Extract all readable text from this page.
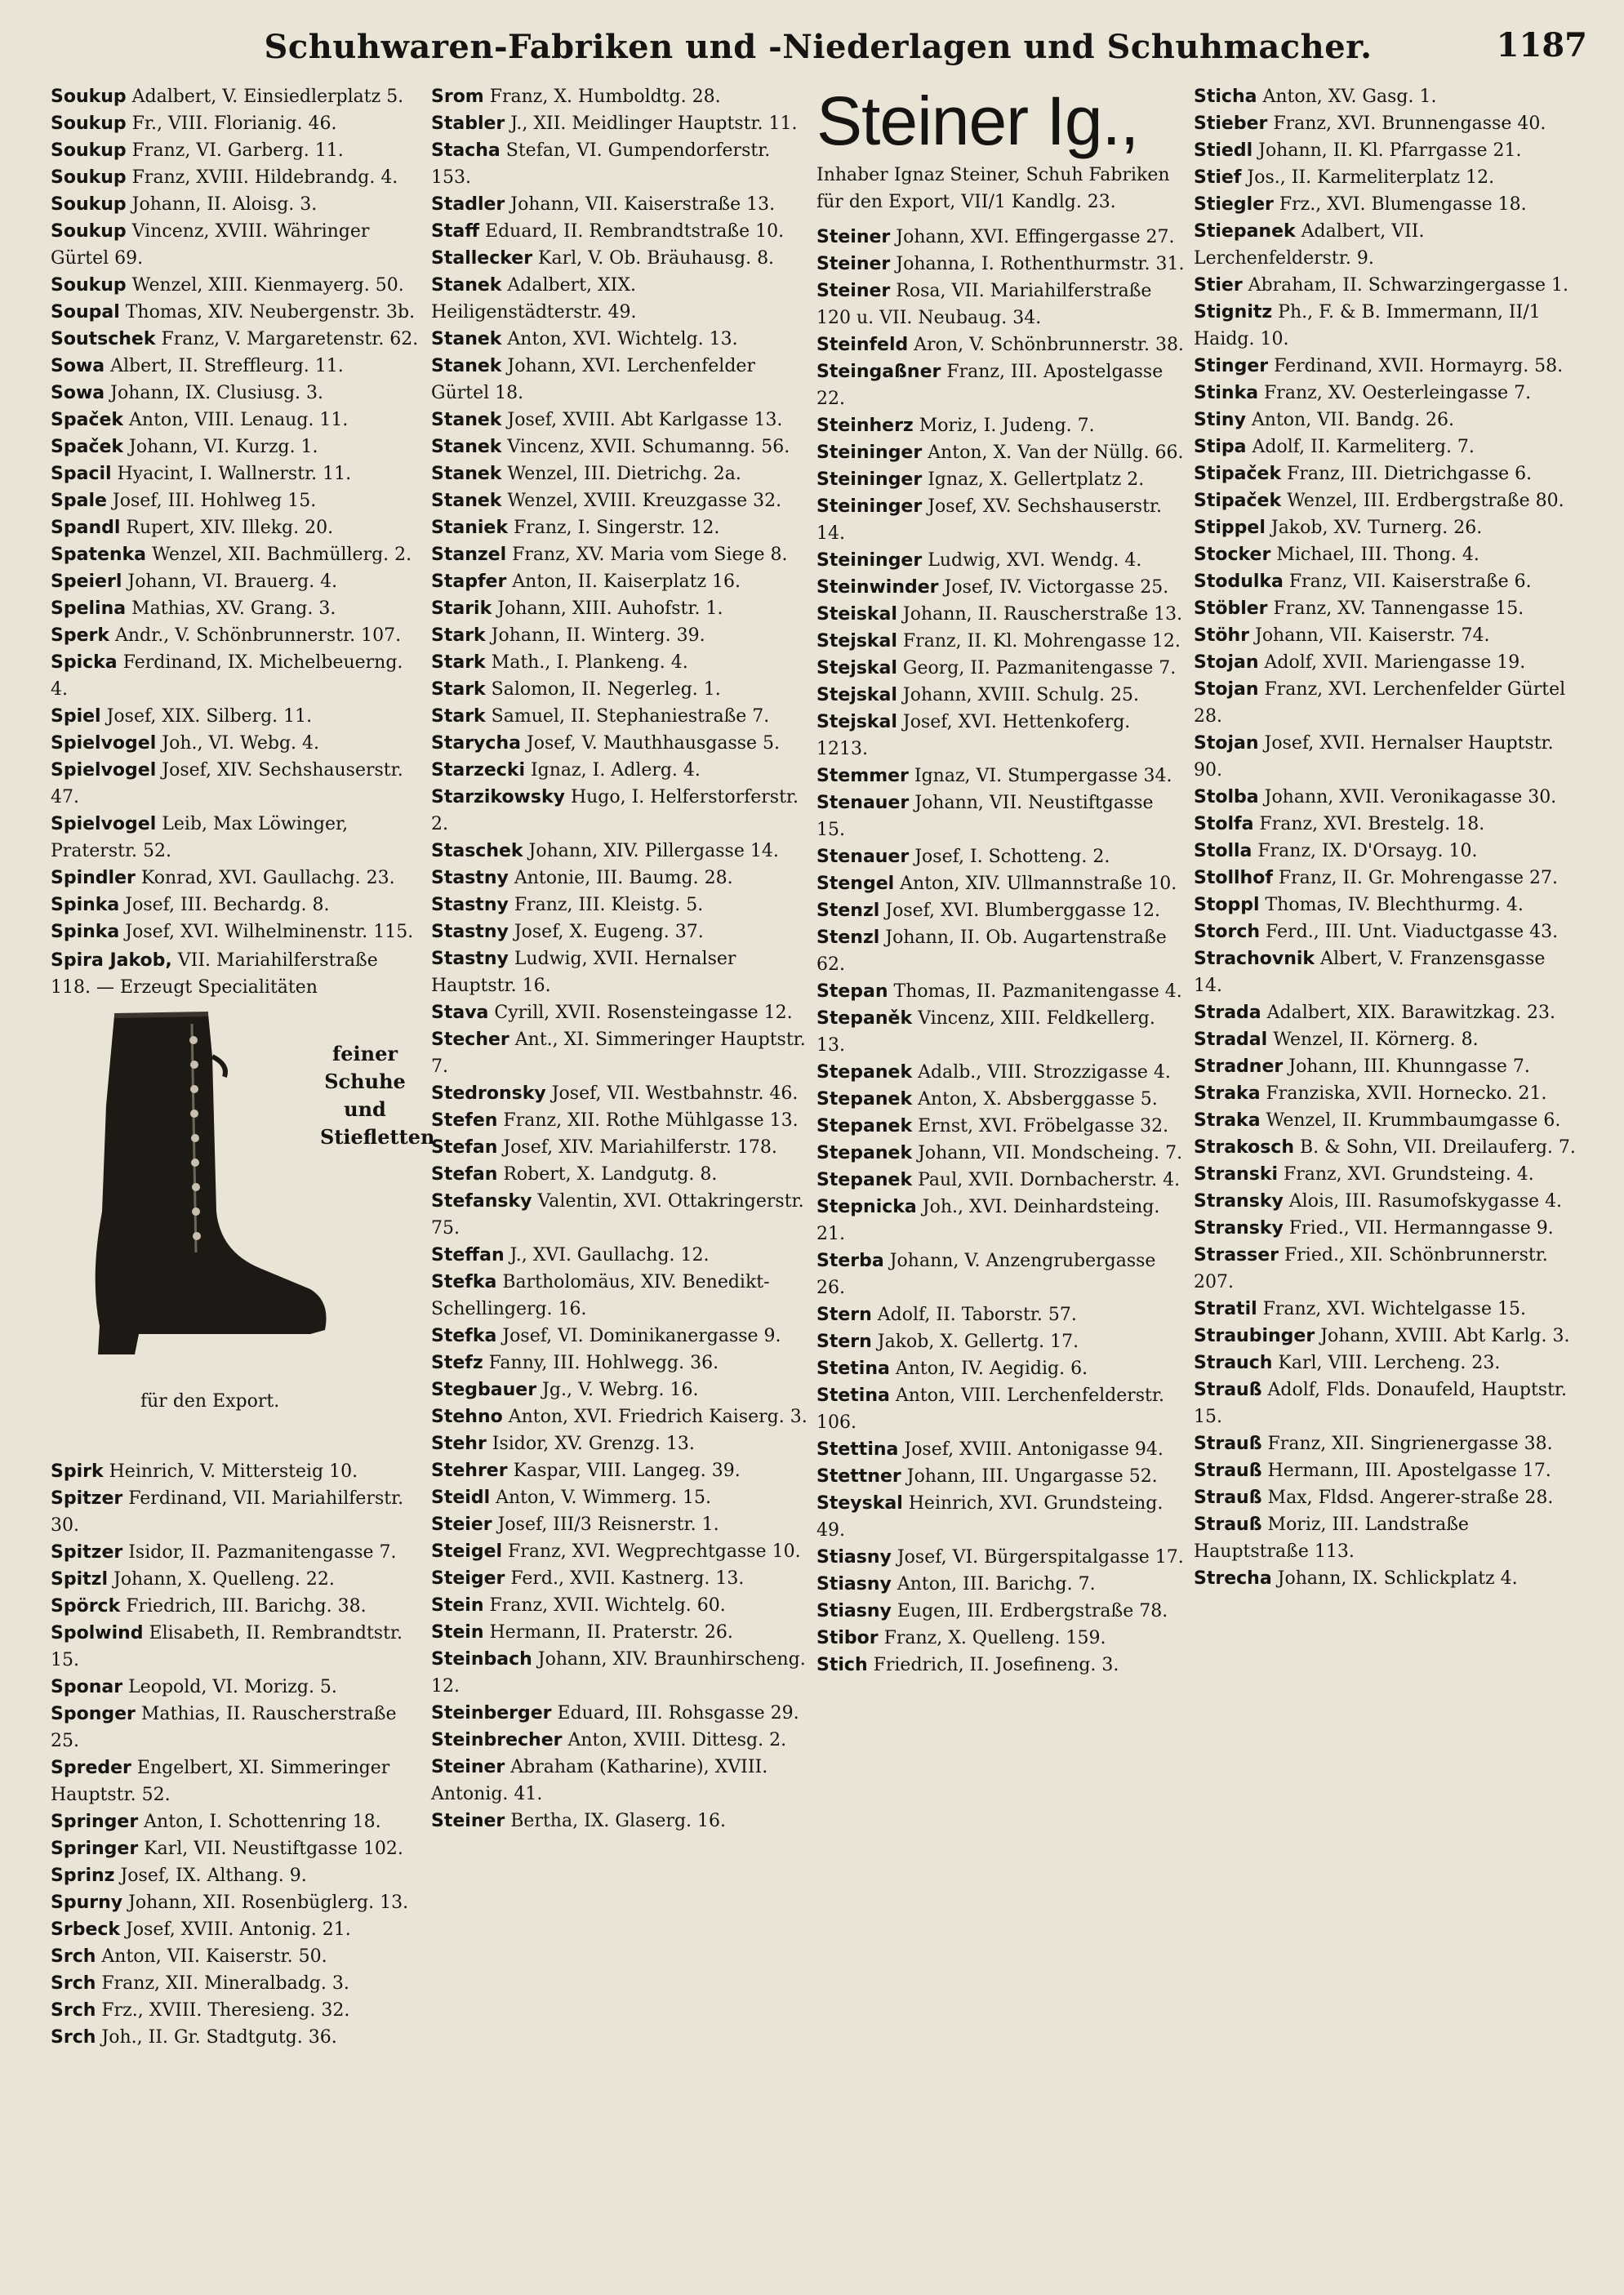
Schuhwaren-Fabriken und -Niederlagen und Schuhmacher.	1187
Soukup Adalbert, V. Einsiedlerplatz 5.
Soukup Fr., VIII. Florianig. 46.
Soukup Franz, VI. Garberg. 11.
Soukup Franz, XVIII. Hildebrandg. 4.
Soukup Johann, II. Aloisg. 3.
Soukup Vincenz, XVIII. Währinger Gürtel 69.
Soukup Wenzel, XIII. Kienmayerg. 50.
Soupal Thomas, XIV. Neubergenstr. 3b.
Soutschek Franz, V. Margaretenstr. 62.
Sowa Albert, II. Streffleurg. 11.
Sowa Johann, IX. Clusiusg. 3.
Spaček Anton, VIII. Lenaug. 11.
Spaček Johann, VI. Kurzg. 1.
Spacil Hyacint, I. Wallnerstr. 11.
Spale Josef, III. Hohlweg 15.
Spandl Rupert, XIV. Illekg. 20.
Spatenka Wenzel, XII. Bachmüllerg. 2.
Speierl Johann, VI. Brauerg. 4.
Spelina Mathias, XV. Grang. 3.
Sperk Andr., V. Schönbrunnerstr. 107.
Spicka Ferdinand, IX. Michelbeuerng. 4.
Spiel Josef, XIX. Silberg. 11.
Spielvogel Joh., VI. Webg. 4.
Spielvogel Josef, XIV. Sechshauserstr. 47.
Spielvogel Leib, Max Löwinger, Praterstr. 52.
Spindler Konrad, XVI. Gaullachg. 23.
Spinka Josef, III. Bechardg. 8.
Spinka Josef, XVI. Wilhelminenstr. 115.
Spira Jakob, VII. Mariahilferstraße 118. — Erzeugt Specialitäten
feiner Schuhe und Stiefletten
für den Export.
Spirk Heinrich, V. Mittersteig 10.
Spitzer Ferdinand, VII. Mariahilferstr. 30.
Spitzer Isidor, II. Pazmanitengasse 7.
Spitzl Johann, X. Quelleng. 22.
Spörck Friedrich, III. Barichg. 38.
Spolwind Elisabeth, II. Rembrandtstr. 15.
Sponar Leopold, VI. Morizg. 5.
Sponger Mathias, II. Rauscherstraße 25.
Spreder Engelbert, XI. Simmeringer Hauptstr. 52.
Springer Anton, I. Schottenring 18.
Springer Karl, VII. Neustiftgasse 102.
Sprinz Josef, IX. Althang. 9.
Spurny Johann, XII. Rosenbüglerg. 13.
Srbeck Josef, XVIII. Antonig. 21.
Srch Anton, VII. Kaiserstr. 50.
Srch Franz, XII. Mineralbadg. 3.
Srch Frz., XVIII. Theresieng. 32.
Srch Joh., II. Gr. Stadtgutg. 36.
Srom Franz, X. Humboldtg. 28.
Stabler J., XII. Meidlinger Hauptstr. 11.
Stacha Stefan, VI. Gumpendorferstr. 153.
Stadler Johann, VII. Kaiserstraße 13.
Staff Eduard, II. Rembrandtstraße 10.
Stallecker Karl, V. Ob. Bräuhausg. 8.
Stanek Adalbert, XIX. Heiligenstädterstr. 49.
Stanek Anton, XVI. Wichtelg. 13.
Stanek Johann, XVI. Lerchenfelder Gürtel 18.
Stanek Josef, XVIII. Abt Karlgasse 13.
Stanek Vincenz, XVII. Schumanng. 56.
Stanek Wenzel, III. Dietrichg. 2a.
Stanek Wenzel, XVIII. Kreuzgasse 32.
Staniek Franz, I. Singerstr. 12.
Stanzel Franz, XV. Maria vom Siege 8.
Stapfer Anton, II. Kaiserplatz 16.
Starik Johann, XIII. Auhofstr. 1.
Stark Johann, II. Winterg. 39.
Stark Math., I. Plankeng. 4.
Stark Salomon, II. Negerleg. 1.
Stark Samuel, II. Stephaniestraße 7.
Starycha Josef, V. Mauthhausgasse 5.
Starzecki Ignaz, I. Adlerg. 4.
Starzikowsky Hugo, I. Helferstorferstr. 2.
Staschek Johann, XIV. Pillergasse 14.
Stastny Antonie, III. Baumg. 28.
Stastny Franz, III. Kleistg. 5.
Stastny Josef, X. Eugeng. 37.
Stastny Ludwig, XVII. Hernalser Hauptstr. 16.
Stava Cyrill, XVII. Rosensteingasse 12.
Stecher Ant., XI. Simmeringer Hauptstr. 7.
Stedronsky Josef, VII. Westbahnstr. 46.
Stefen Franz, XII. Rothe Mühlgasse 13.
Stefan Josef, XIV. Mariahilferstr. 178.
Stefan Robert, X. Landgutg. 8.
Stefansky Valentin, XVI. Ottakringerstr. 75.
Steffan J., XVI. Gaullachg. 12.
Stefka Bartholomäus, XIV. Benedikt-Schellingerg. 16.
Stefka Josef, VI. Dominikanergasse 9.
Stefz Fanny, III. Hohlwegg. 36.
Stegbauer Jg., V. Webrg. 16.
Stehno Anton, XVI. Friedrich Kaiserg. 3.
Stehr Isidor, XV. Grenzg. 13.
Stehrer Kaspar, VIII. Langeg. 39.
Steidl Anton, V. Wimmerg. 15.
Steier Josef, III/3 Reisnerstr. 1.
Steigel Franz, XVI. Wegprechtgasse 10.
Steiger Ferd., XVII. Kastnerg. 13.
Stein Franz, XVII. Wichtelg. 60.
Stein Hermann, II. Praterstr. 26.
Steinbach Johann, XIV. Braunhirscheng. 12.
Steinberger Eduard, III. Rohsgasse 29.
Steinbrecher Anton, XVIII. Dittesg. 2.
Steiner Abraham (Katharine), XVIII. Antonig. 41.
Steiner Bertha, IX. Glaserg. 16.
Steiner Ig.,
Inhaber Ignaz Steiner, Schuh Fabriken für den Export, VII/1 Kandlg. 23.
Steiner Johann, XVI. Effingergasse 27.
Steiner Johanna, I. Rothenthurmstr. 31.
Steiner Rosa, VII. Mariahilferstraße 120 u. VII. Neubaug. 34.
Steinfeld Aron, V. Schönbrunnerstr. 38.
Steingaßner Franz, III. Apostelgasse 22.
Steinherz Moriz, I. Judeng. 7.
Steininger Anton, X. Van der Nüllg. 66.
Steininger Ignaz, X. Gellertplatz 2.
Steininger Josef, XV. Sechshauserstr. 14.
Steininger Ludwig, XVI. Wendg. 4.
Steinwinder Josef, IV. Victorgasse 25.
Steiskal Johann, II. Rauscherstraße 13.
Stejskal Franz, II. Kl. Mohrengasse 12.
Stejskal Georg, II. Pazmanitengasse 7.
Stejskal Johann, XVIII. Schulg. 25.
Stejskal Josef, XVI. Hettenkoferg. 1213.
Stemmer Ignaz, VI. Stumpergasse 34.
Stenauer Johann, VII. Neustiftgasse 15.
Stenauer Josef, I. Schotteng. 2.
Stengel Anton, XIV. Ullmannstraße 10.
Stenzl Josef, XVI. Blumberggasse 12.
Stenzl Johann, II. Ob. Augartenstraße 62.
Stepan Thomas, II. Pazmanitengasse 4.
Stepaněk Vincenz, XIII. Feldkellerg. 13.
Stepanek Adalb., VIII. Strozzigasse 4.
Stepanek Anton, X. Absberggasse 5.
Stepanek Ernst, XVI. Fröbelgasse 32.
Stepanek Johann, VII. Mondscheing. 7.
Stepanek Paul, XVII. Dornbacherstr. 4.
Stepnicka Joh., XVI. Deinhardsteing. 21.
Sterba Johann, V. Anzengrubergasse 26.
Stern Adolf, II. Taborstr. 57.
Stern Jakob, X. Gellertg. 17.
Stetina Anton, IV. Aegidig. 6.
Stetina Anton, VIII. Lerchenfelderstr. 106.
Stettina Josef, XVIII. Antonigasse 94.
Stettner Johann, III. Ungargasse 52.
Steyskal Heinrich, XVI. Grundsteing. 49.
Stiasny Josef, VI. Bürgerspitalgasse 17.
Stiasny Anton, III. Barichg. 7.
Stiasny Eugen, III. Erdbergstraße 78.
Stibor Franz, X. Quelleng. 159.
Stich Friedrich, II. Josefineng. 3.
Sticha Anton, XV. Gasg. 1.
Stieber Franz, XVI. Brunnengasse 40.
Stiedl Johann, II. Kl. Pfarrgasse 21.
Stief Jos., II. Karmeliterplatz 12.
Stiegler Frz., XVI. Blumengasse 18.
Stiepanek Adalbert, VII. Lerchenfelderstr. 9.
Stier Abraham, II. Schwarzingergasse 1.
Stignitz Ph., F. & B. Immermann, II/1 Haidg. 10.
Stinger Ferdinand, XVII. Hormayrg. 58.
Stinka Franz, XV. Oesterleingasse 7.
Stiny Anton, VII. Bandg. 26.
Stipa Adolf, II. Karmeliterg. 7.
Stipaček Franz, III. Dietrichgasse 6.
Stipaček Wenzel, III. Erdbergstraße 80.
Stippel Jakob, XV. Turnerg. 26.
Stocker Michael, III. Thong. 4.
Stodulka Franz, VII. Kaiserstraße 6.
Stöbler Franz, XV. Tannengasse 15.
Stöhr Johann, VII. Kaiserstr. 74.
Stojan Adolf, XVII. Mariengasse 19.
Stojan Franz, XVI. Lerchenfelder Gürtel 28.
Stojan Josef, XVII. Hernalser Hauptstr. 90.
Stolba Johann, XVII. Veronikagasse 30.
Stolfa Franz, XVI. Brestelg. 18.
Stolla Franz, IX. D'Orsayg. 10.
Stollhof Franz, II. Gr. Mohrengasse 27.
Stoppl Thomas, IV. Blechthurmg. 4.
Storch Ferd., III. Unt. Viaductgasse 43.
Strachovnik Albert, V. Franzensgasse 14.
Strada Adalbert, XIX. Barawitzkag. 23.
Stradal Wenzel, II. Körnerg. 8.
Stradner Johann, III. Khunngasse 7.
Straka Franziska, XVII. Hornecko. 21.
Straka Wenzel, II. Krummbaumgasse 6.
Strakosch B. & Sohn, VII. Dreilauferg. 7.
Stranski Franz, XVI. Grundsteing. 4.
Stransky Alois, III. Rasumofskygasse 4.
Stransky Fried., VII. Hermanngasse 9.
Strasser Fried., XII. Schönbrunnerstr. 207.
Stratil Franz, XVI. Wichtelgasse 15.
Straubinger Johann, XVIII. Abt Karlg. 3.
Strauch Karl, VIII. Lercheng. 23.
Strauß Adolf, Flds. Donaufeld, Hauptstr. 15.
Strauß Franz, XII. Singrienergasse 38.
Strauß Hermann, III. Apostelgasse 17.
Strauß Max, Fldsd. Angerer-straße 28.
Strauß Moriz, III. Landstraße Hauptstraße 113.
Strecha Johann, IX. Schlickplatz 4.
